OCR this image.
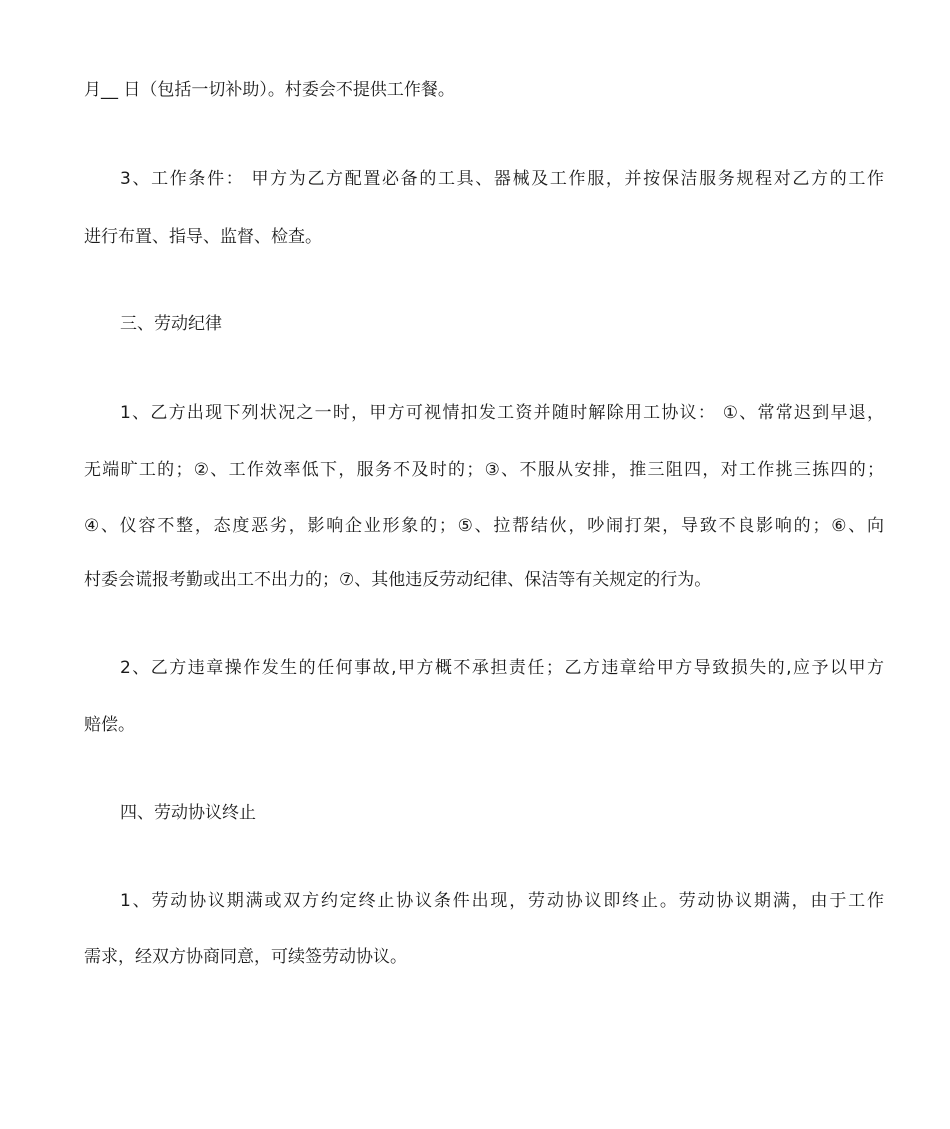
月__ 日（包括一切补助）。村委会不提供工作餐。
3、工作条件： 甲方为乙方配置必备的工具、器械及工作服，并按保洁服务规程对乙方的工作
进行布置、指导、监督、检查。
三、劳动纪律
1、乙方出现下列状况之一时，甲方可视情扣发工资并随时解除用工协议： ①、常常迟到早退，
无端旷工的；②、工作效率低下，服务不及时的；③、不服从安排，推三阻四，对工作挑三拣四的；
④、仪容不整，态度恶劣，影响企业形象的；⑤、拉帮结伙，吵闹打架，导致不良影响的；⑥、向
村委会谎报考勤或出工不出力的；⑦、其他违反劳动纪律、保洁等有关规定的行为。
2、乙方违章操作发生的任何事故,甲方概不承担责任；乙方违章给甲方导致损失的,应予以甲方
赔偿。
四、劳动协议终止
1、劳动协议期满或双方约定终止协议条件出现，劳动协议即终止。劳动协议期满，由于工作
需求，经双方协商同意，可续签劳动协议。
